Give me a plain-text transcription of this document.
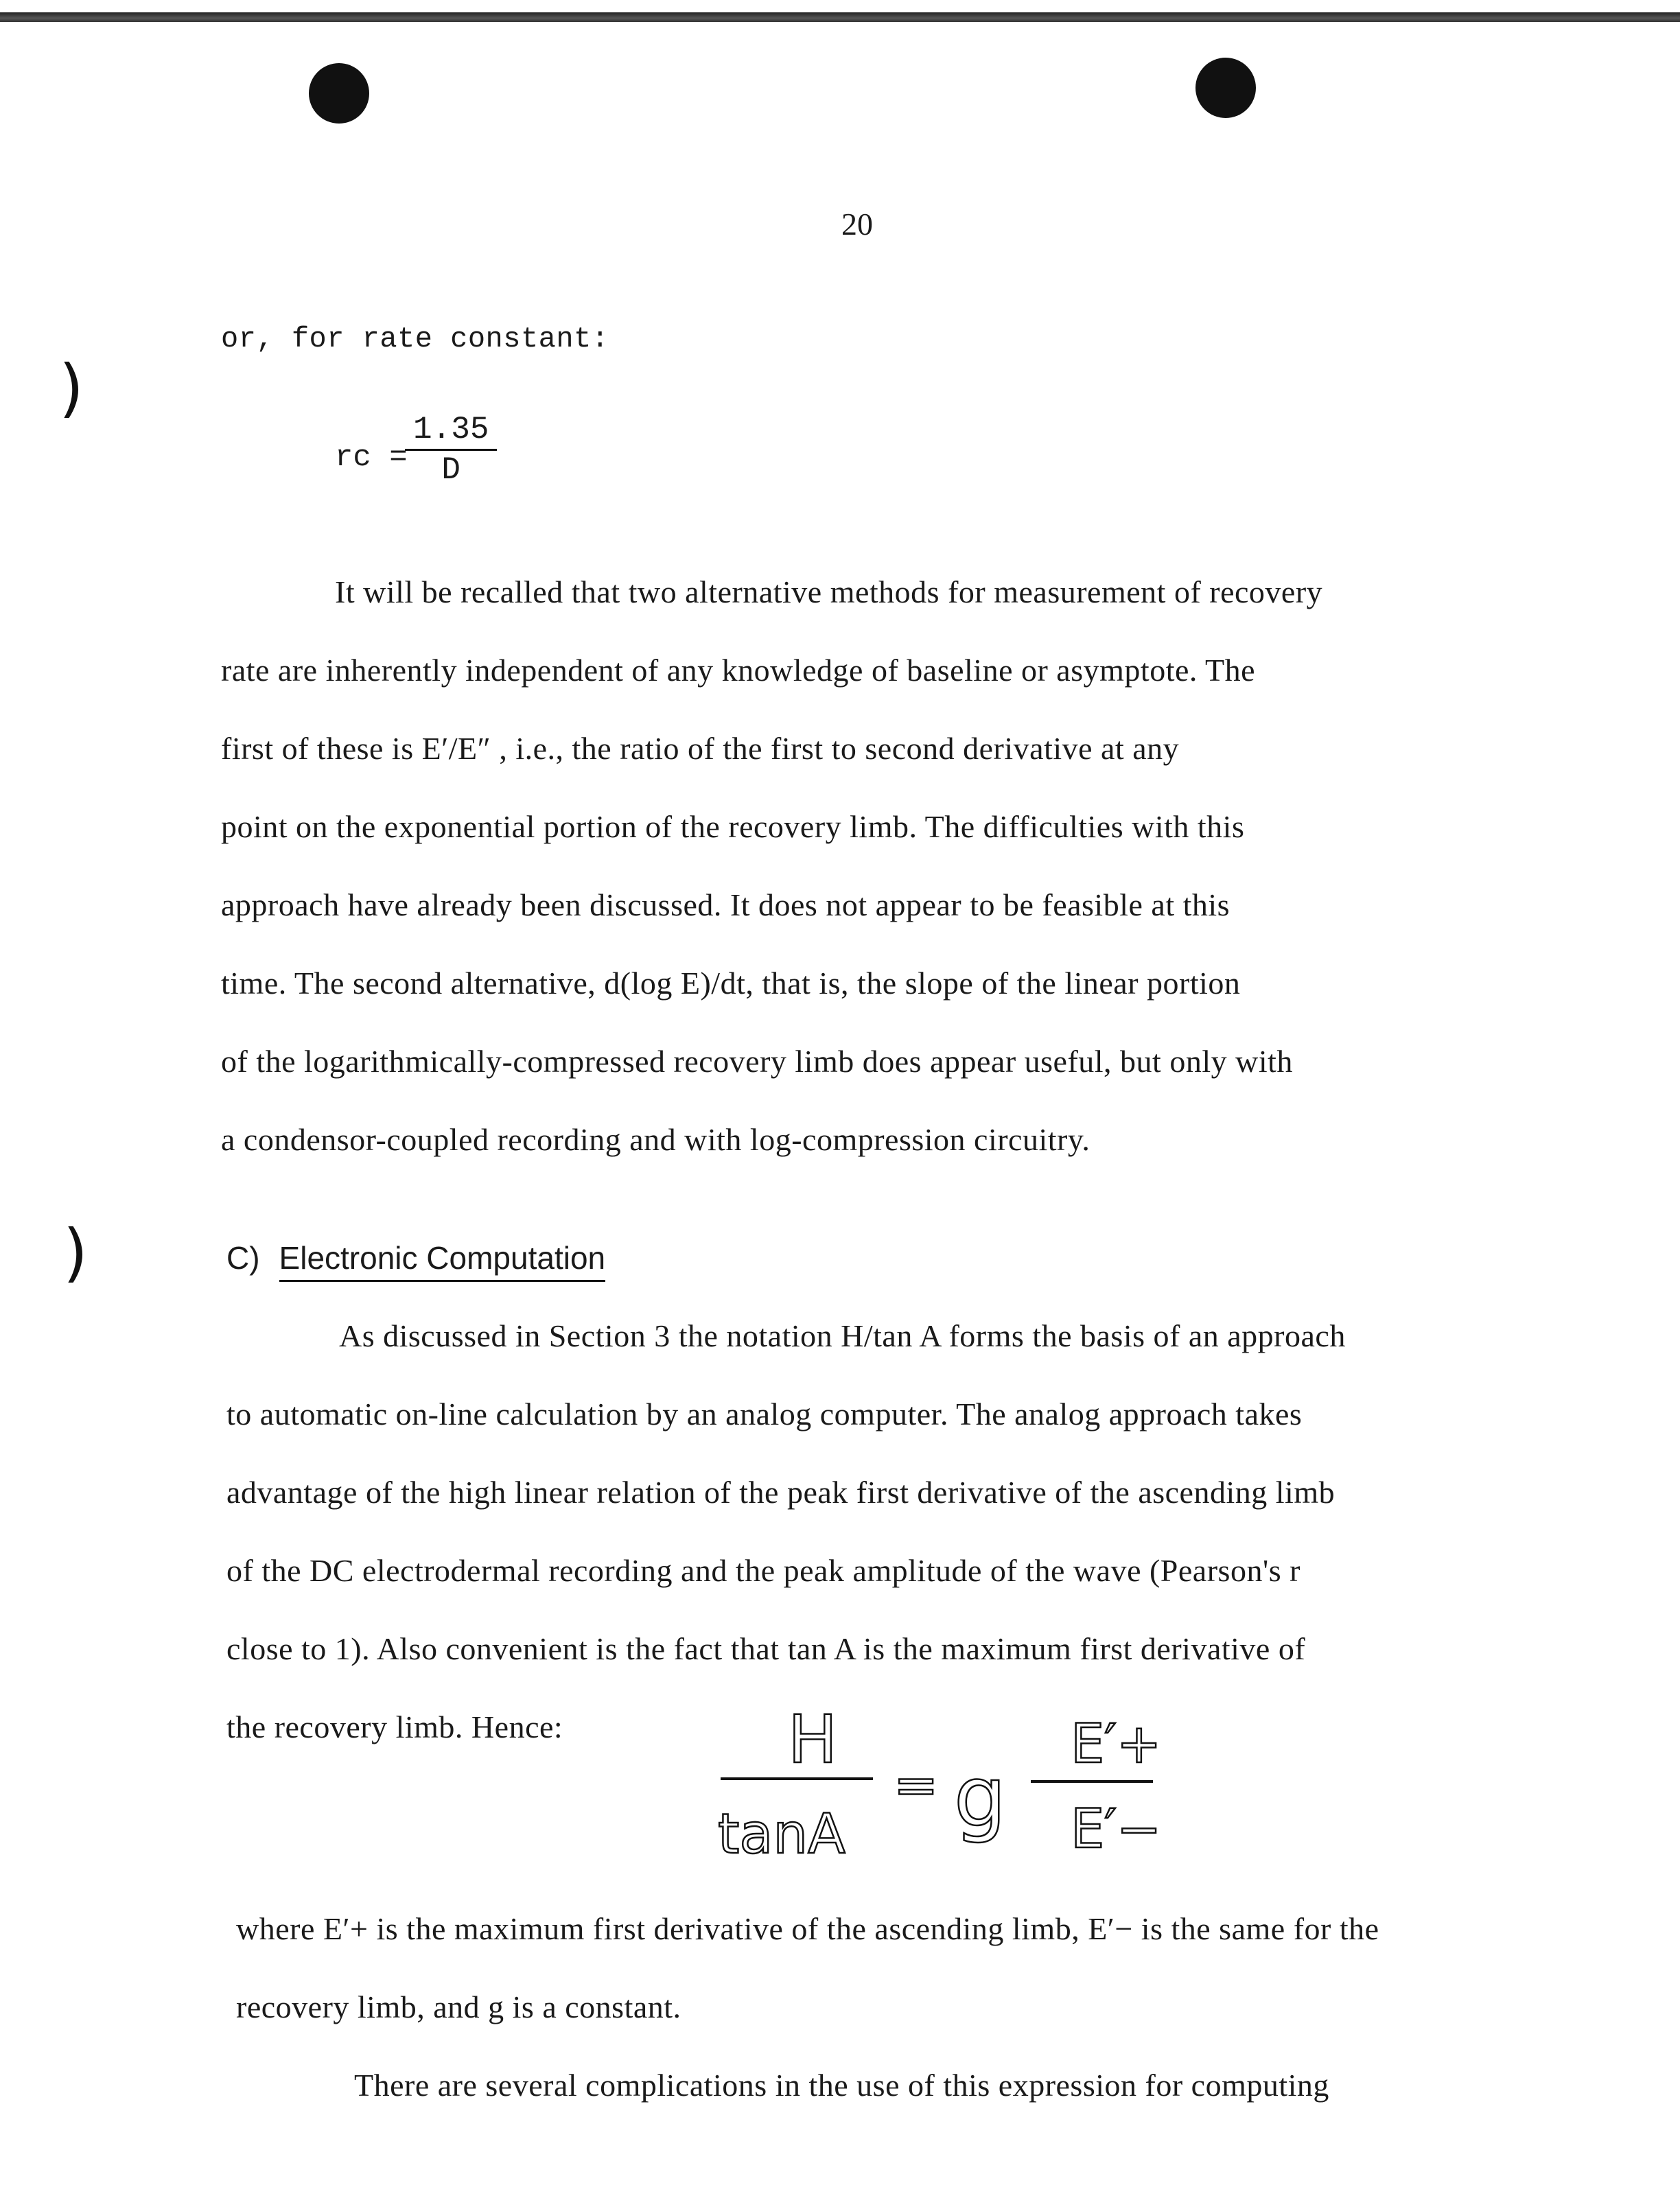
)
)
20
or, for rate constant:
rc =
$\frac{1.35}{D}$
It will be recalled that two alternative methods for measurement of recovery
rate are inherently independent of any knowledge of baseline or asymptote. The
first of these is E′/E″ , i.e., the ratio of the first to second derivative at any
point on the exponential portion of the recovery limb. The difficulties with this
approach have already been discussed. It does not appear to be feasible at this
time. The second alternative, d(log E)/dt, that is, the slope of the linear portion
of the logarithmically-compressed recovery limb does appear useful, but only with
a condensor-coupled recording and with log-compression circuitry.
C) Electronic Computation
As discussed in Section 3 the notation H/tan A forms the basis of an approach
to automatic on-line calculation by an analog computer. The analog approach takes
advantage of the high linear relation of the peak first derivative of the ascending limb
of the DC electrodermal recording and the peak amplitude of the wave (Pearson's r
close to 1). Also convenient is the fact that tan A is the maximum first derivative of
the recovery limb. Hence:	H
tanA
= g
E′+
E′−
where E′+ is the maximum first derivative of the ascending limb, E′− is the same for the
recovery limb, and g is a constant.
There are several complications in the use of this expression for computing
